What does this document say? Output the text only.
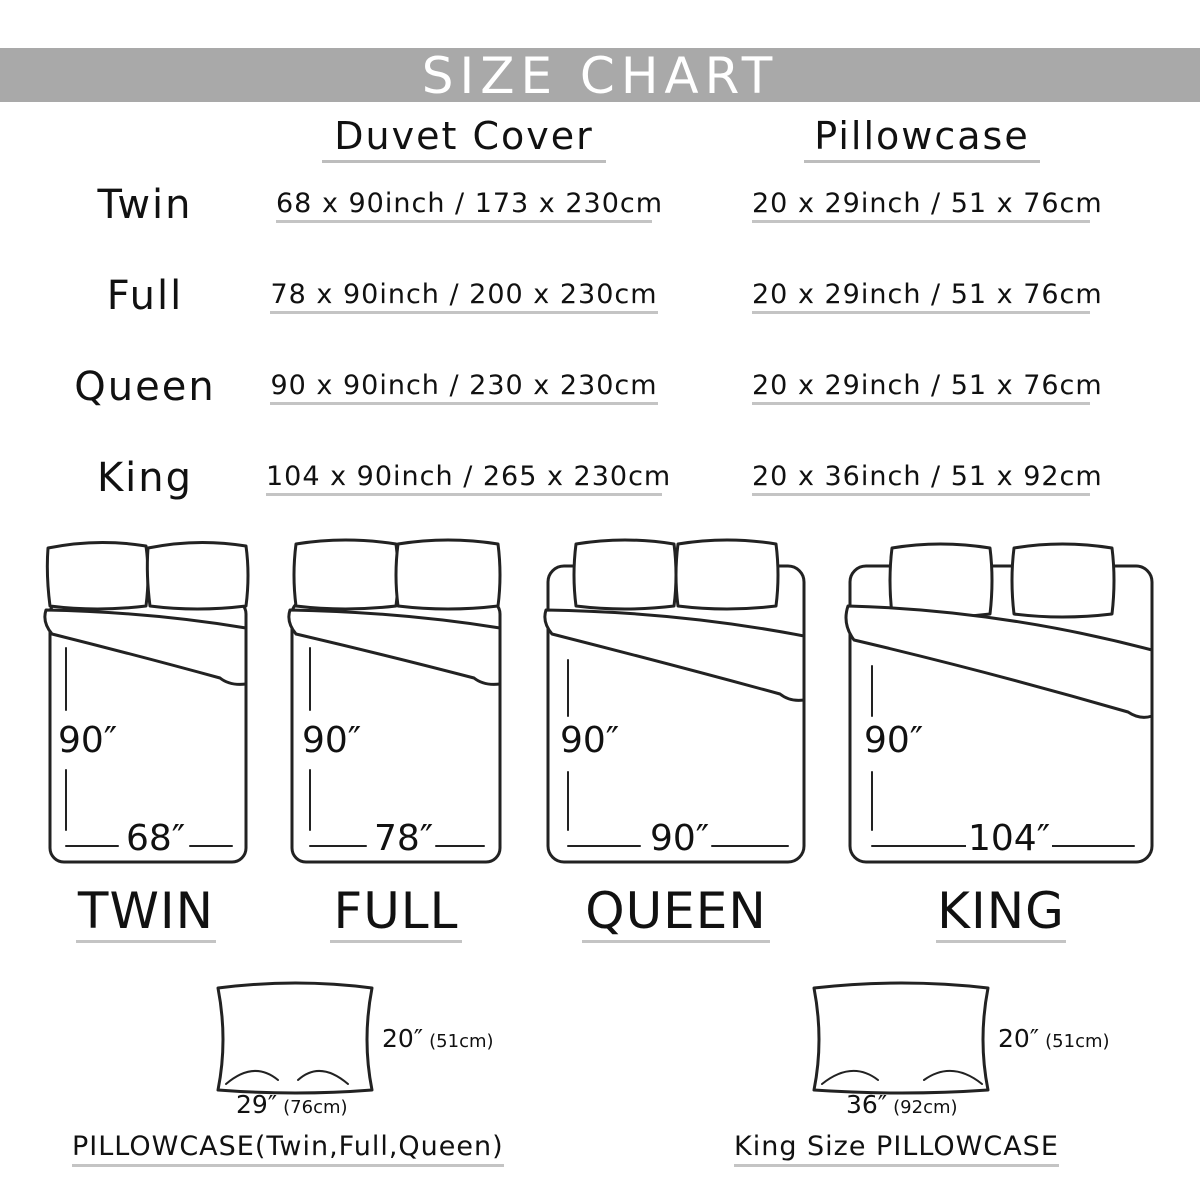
SIZE CHART
Duvet Cover	Pillowcase
Twin	68 x 90inch / 173 x 230cm	20 x 29inch / 51 x 76cm
Full	78 x 90inch / 200 x 230cm	20 x 29inch / 51 x 76cm
Queen	90 x 90inch / 230 x 230cm	20 x 29inch / 51 x 76cm
King	104 x 90inch / 265 x 230cm	20 x 36inch / 51 x 92cm
90″
68″
90″
78″
90″
90″
90″
104″
TWIN FULL	QUEEN	KING
20″ (51cm)
29″ (76cm)
20″ (51cm)
36″ (92cm)
PILLOWCASE(Twin,Full,Queen)	King Size PILLOWCASE
